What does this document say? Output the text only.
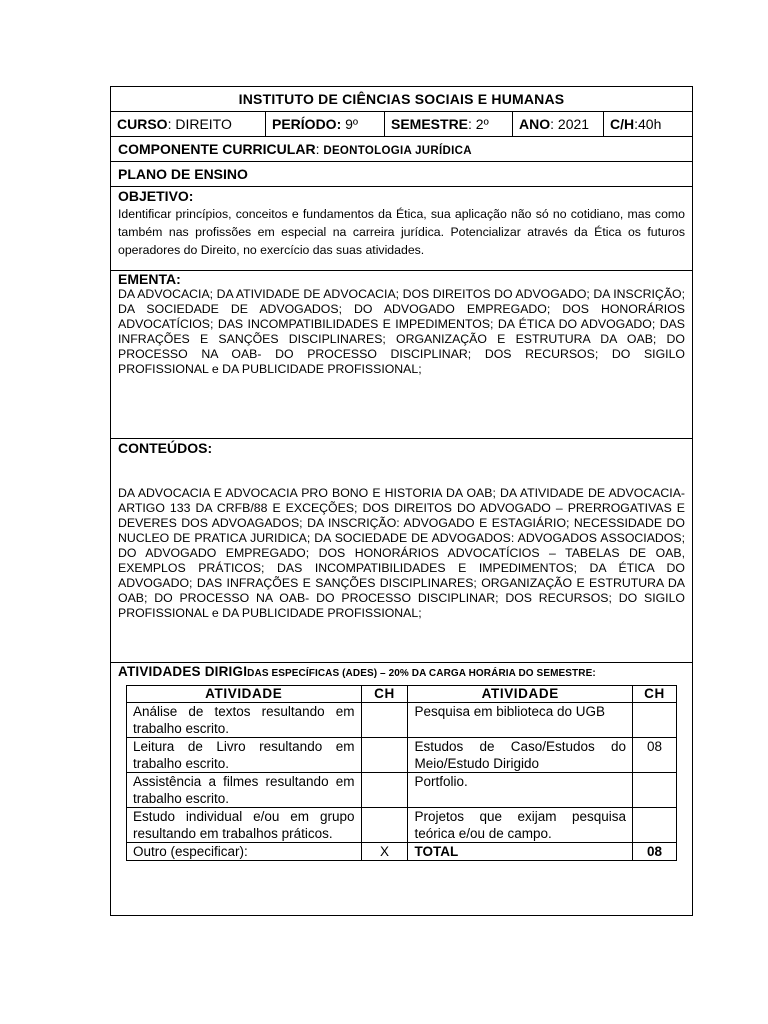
INSTITUTO DE CIÊNCIAS SOCIAIS E HUMANAS
CURSO: DIREITO	PERÍODO: 9º	SEMESTRE: 2º	ANO: 2021	C/H:40h
COMPONENTE CURRICULAR: DEONTOLOGIA JURÍDICA
PLANO DE ENSINO
OBJETIVO:
Identificar princípios, conceitos e fundamentos da Ética, sua aplicação não só no cotidiano, mas como também nas profissões em especial na carreira jurídica. Potencializar através da Ética os futuros operadores do Direito, no exercício das suas atividades.
EMENTA:
DA ADVOCACIA; DA ATIVIDADE DE ADVOCACIA; DOS DIREITOS DO ADVOGADO; DA INSCRIÇÃO; DA SOCIEDADE DE ADVOGADOS; DO ADVOGADO EMPREGADO; DOS HONORÁRIOS ADVOCATÍCIOS; DAS INCOMPATIBILIDADES E IMPEDIMENTOS; DA ÉTICA DO ADVOGADO; DAS INFRAÇÕES E SANÇÕES DISCIPLINARES; ORGANIZAÇÃO E ESTRUTURA DA OAB; DO PROCESSO NA OAB- DO PROCESSO DISCIPLINAR; DOS RECURSOS; DO SIGILO PROFISSIONAL e DA PUBLICIDADE PROFISSIONAL;
CONTEÚDOS:
DA ADVOCACIA E ADVOCACIA PRO BONO E HISTORIA DA OAB; DA ATIVIDADE DE ADVOCACIA- ARTIGO 133 DA CRFB/88 E EXCEÇÕES; DOS DIREITOS DO ADVOGADO – PRERROGATIVAS E DEVERES DOS ADVOAGADOS; DA INSCRIÇÃO: ADVOGADO E ESTAGIÁRIO; NECESSIDADE DO NUCLEO DE PRATICA JURIDICA; DA SOCIEDADE DE ADVOGADOS: ADVOGADOS ASSOCIADOS; DO ADVOGADO EMPREGADO; DOS HONORÁRIOS ADVOCATÍCIOS – TABELAS DE OAB, EXEMPLOS PRÁTICOS; DAS INCOMPATIBILIDADES E IMPEDIMENTOS; DA ÉTICA DO ADVOGADO; DAS INFRAÇÕES E SANÇÕES DISCIPLINARES; ORGANIZAÇÃO E ESTRUTURA DA OAB; DO PROCESSO NA OAB- DO PROCESSO DISCIPLINAR; DOS RECURSOS; DO SIGILO PROFISSIONAL e DA PUBLICIDADE PROFISSIONAL;
ATIVIDADES DIRIGIDAS ESPECÍFICAS (ADES) – 20% DA CARGA HORÁRIA DO SEMESTRE:
ATIVIDADE	CH	ATIVIDADE	CH
Análise de textos resultando em trabalho escrito.		Pesquisa em biblioteca do UGB	
Leitura de Livro resultando em trabalho escrito.		Estudos de Caso/Estudos do Meio/Estudo Dirigido	08
Assistência a filmes resultando em trabalho escrito.		Portfolio.	
Estudo individual e/ou em grupo resultando em trabalhos práticos.		Projetos que exijam pesquisa teórica e/ou de campo.	
Outro (especificar):	X	TOTAL	08
